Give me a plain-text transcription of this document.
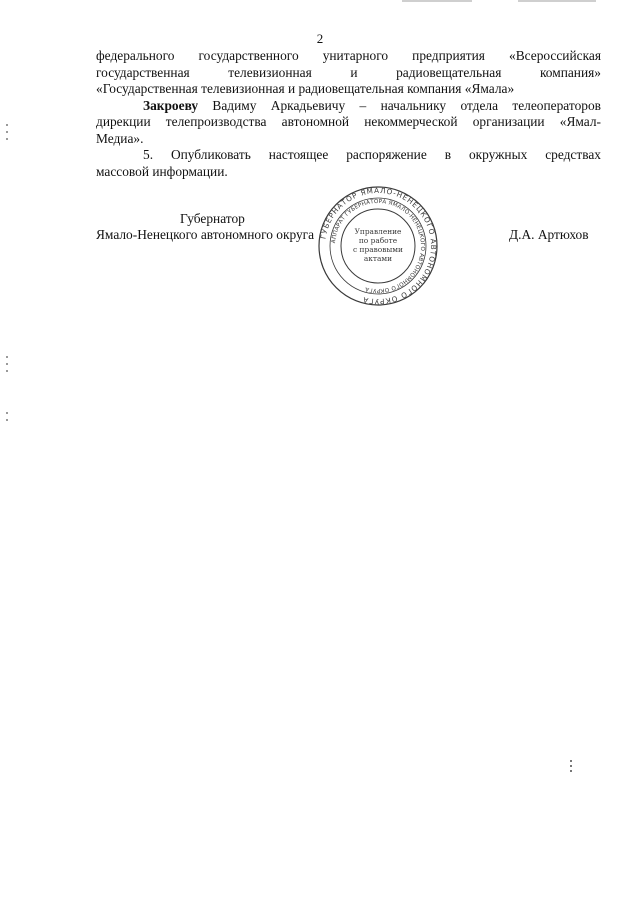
2

федерального государственного унитарного предприятия «Всероссийская
государственная телевизионная и радиовещательная компания»
«Государственная телевизионная и радиовещательная компания «Ямала»

Закроеву Вадиму Аркадьевичу – начальнику отдела телеоператоров
дирекции телепроизводства автономной некоммерческой организации «Ямал-
Медиа».

5. Опубликовать настоящее распоряжение в окружных средствах
массовой информации.

Губернатор
Ямало-Ненецкого автономного округа	Д.А. Артюхов
ГУБЕРНАТОР ЯМАЛО-НЕНЕЦКОГО АВТОНОМНОГО ОКРУГА
АППАРАТ ГУБЕРНАТОРА ЯМАЛО-НЕНЕЦКОГО АВТОНОМНОГО ОКРУГА
Управление
по работе
с правовыми
актами
